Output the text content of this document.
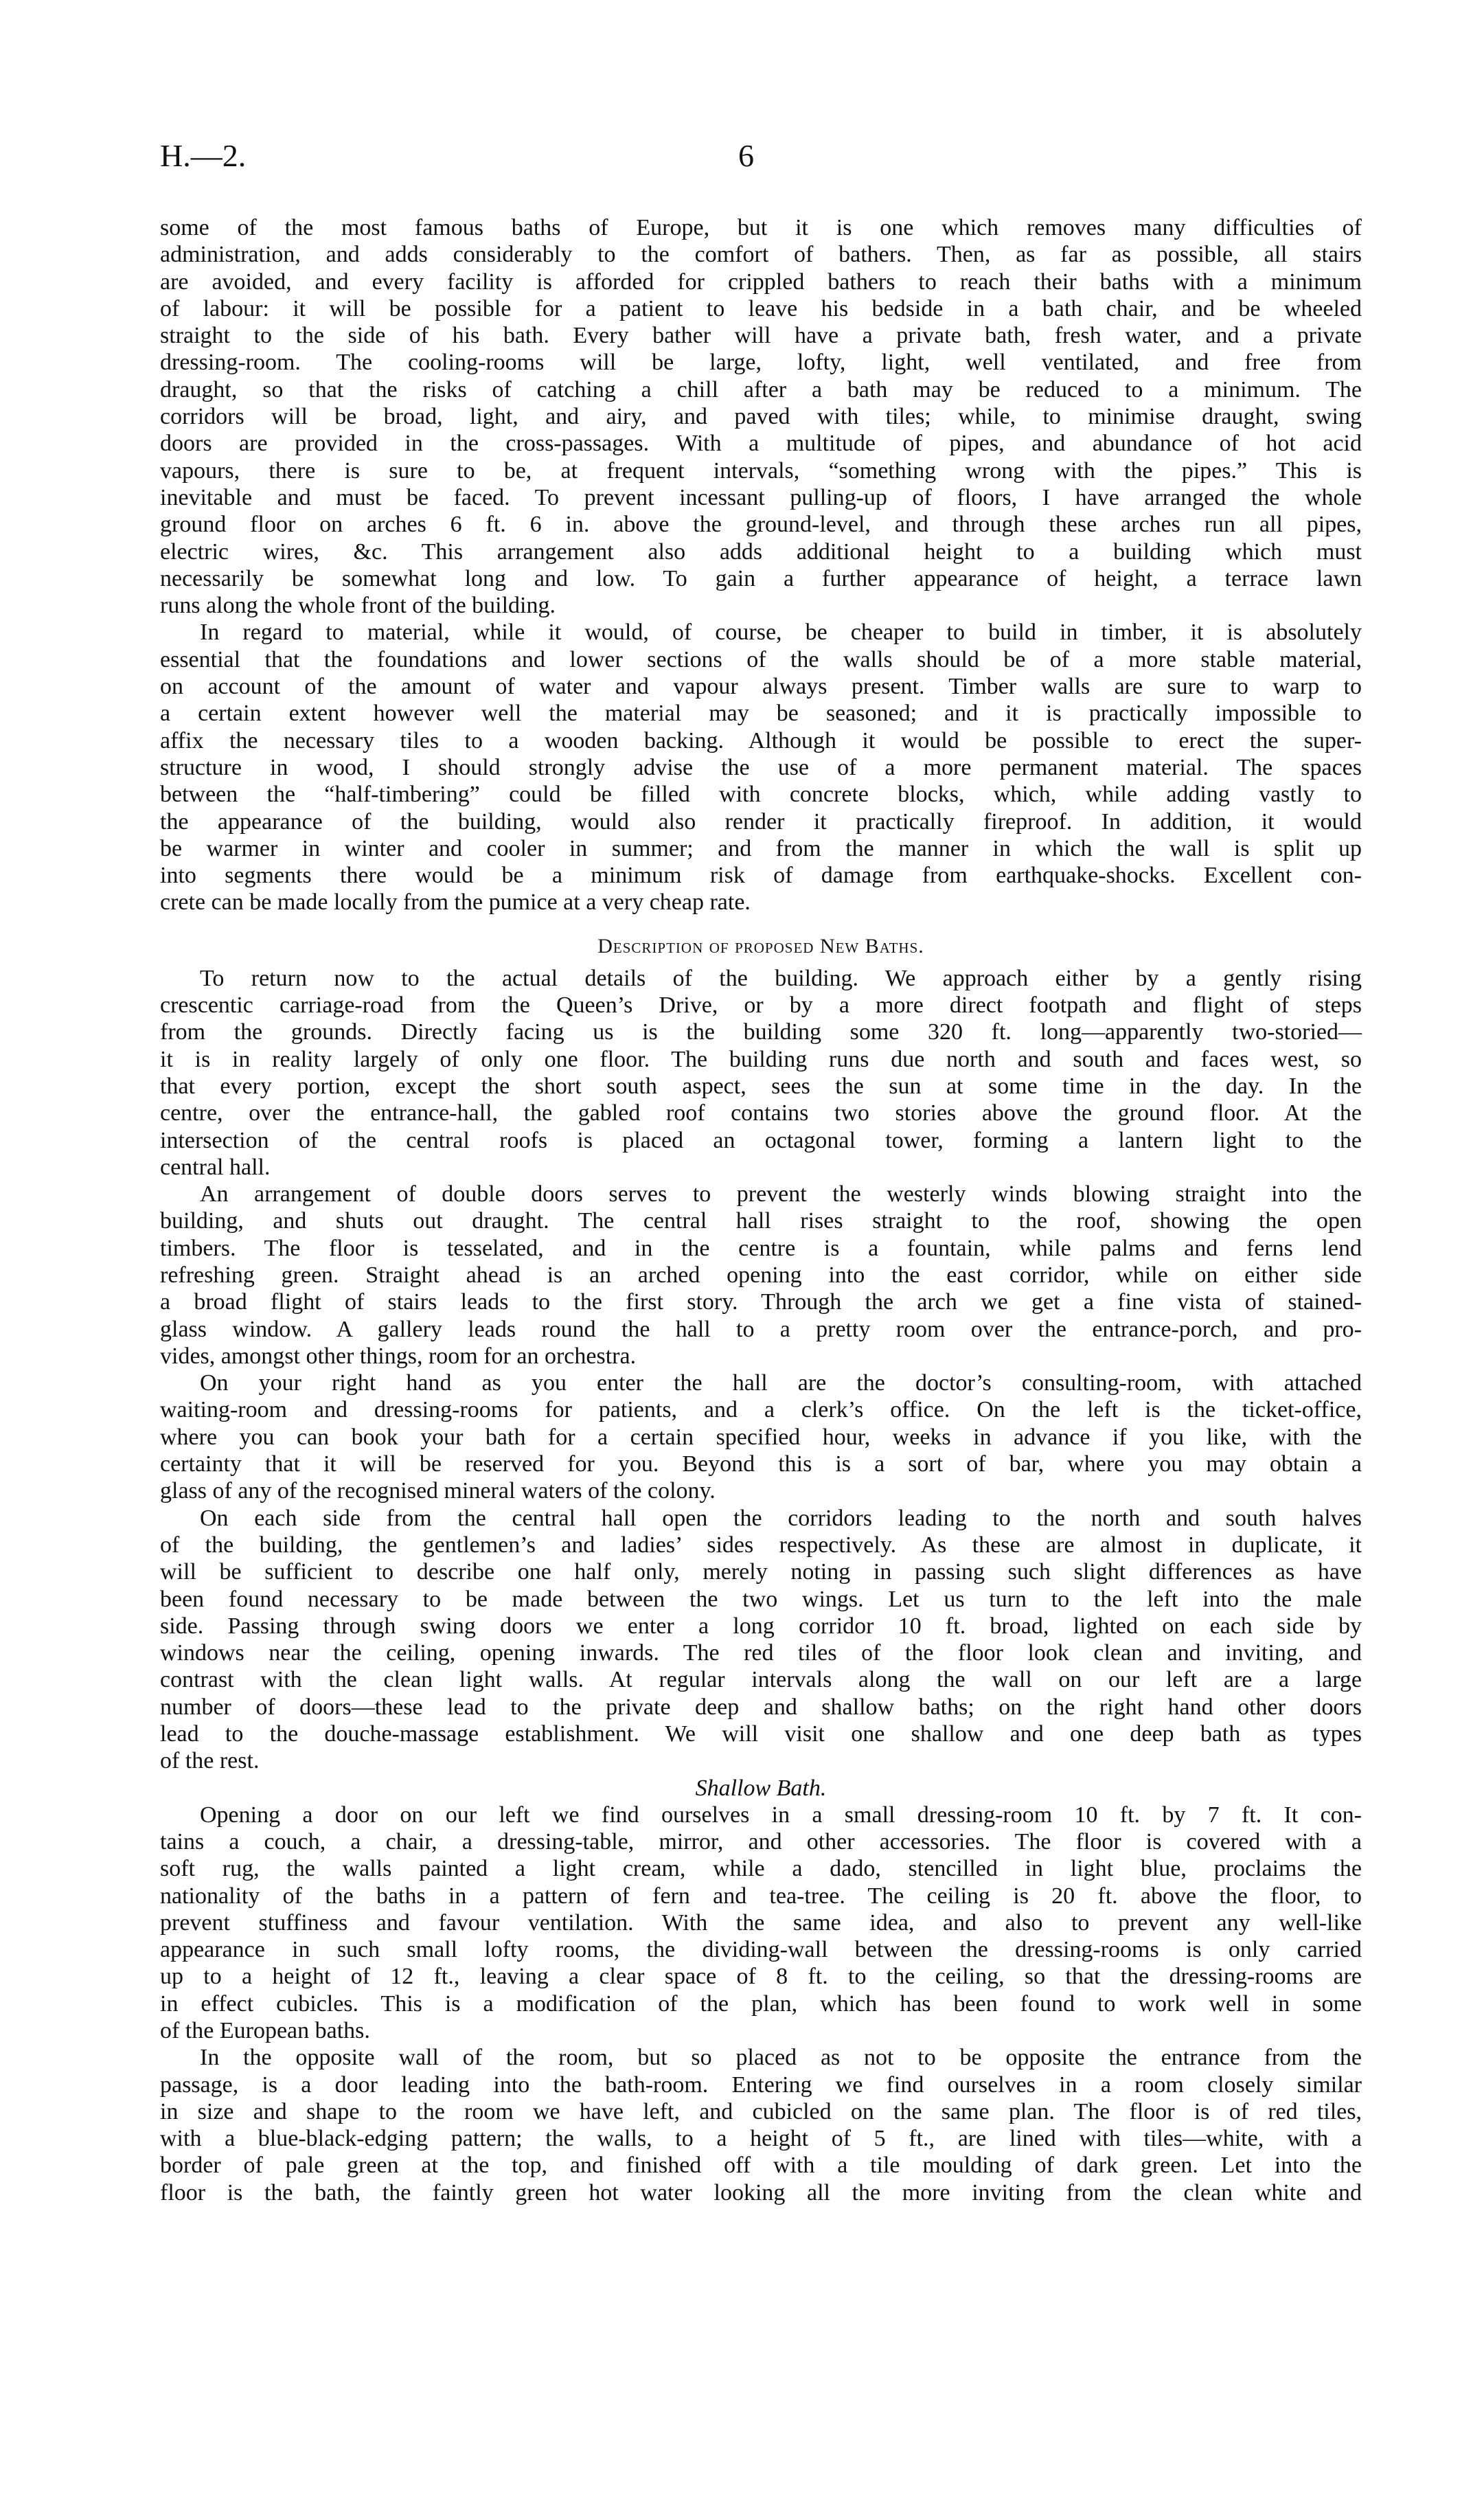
H.—2.	6
some of the most famous baths of Europe, but it is one which removes many difficulties of
administration, and adds considerably to the comfort of bathers. Then, as far as possible, all stairs
are avoided, and every facility is afforded for crippled bathers to reach their baths with a minimum
of labour: it will be possible for a patient to leave his bedside in a bath chair, and be wheeled
straight to the side of his bath. Every bather will have a private bath, fresh water, and a private
dressing-room. The cooling-rooms will be large, lofty, light, well ventilated, and free from
draught, so that the risks of catching a chill after a bath may be reduced to a minimum. The
corridors will be broad, light, and airy, and paved with tiles; while, to minimise draught, swing
doors are provided in the cross-passages. With a multitude of pipes, and abundance of hot acid
vapours, there is sure to be, at frequent intervals, “something wrong with the pipes.” This is
inevitable and must be faced. To prevent incessant pulling-up of floors, I have arranged the whole
ground floor on arches 6 ft. 6 in. above the ground-level, and through these arches run all pipes,
electric wires, &c. This arrangement also adds additional height to a building which must
necessarily be somewhat long and low. To gain a further appearance of height, a terrace lawn
runs along the whole front of the building.
In regard to material, while it would, of course, be cheaper to build in timber, it is absolutely
essential that the foundations and lower sections of the walls should be of a more stable material,
on account of the amount of water and vapour always present. Timber walls are sure to warp to
a certain extent however well the material may be seasoned; and it is practically impossible to
affix the necessary tiles to a wooden backing. Although it would be possible to erect the super-
structure in wood, I should strongly advise the use of a more permanent material. The spaces
between the “half-timbering” could be filled with concrete blocks, which, while adding vastly to
the appearance of the building, would also render it practically fireproof. In addition, it would
be warmer in winter and cooler in summer; and from the manner in which the wall is split up
into segments there would be a minimum risk of damage from earthquake-shocks. Excellent con-
crete can be made locally from the pumice at a very cheap rate.
Description of proposed New Baths.
To return now to the actual details of the building. We approach either by a gently rising
crescentic carriage-road from the Queen’s Drive, or by a more direct footpath and flight of steps
from the grounds. Directly facing us is the building some 320 ft. long—apparently two-storied—
it is in reality largely of only one floor. The building runs due north and south and faces west, so
that every portion, except the short south aspect, sees the sun at some time in the day. In the
centre, over the entrance-hall, the gabled roof contains two stories above the ground floor. At the
intersection of the central roofs is placed an octagonal tower, forming a lantern light to the
central hall.
An arrangement of double doors serves to prevent the westerly winds blowing straight into the
building, and shuts out draught. The central hall rises straight to the roof, showing the open
timbers. The floor is tesselated, and in the centre is a fountain, while palms and ferns lend
refreshing green. Straight ahead is an arched opening into the east corridor, while on either side
a broad flight of stairs leads to the first story. Through the arch we get a fine vista of stained-
glass window. A gallery leads round the hall to a pretty room over the entrance-porch, and pro-
vides, amongst other things, room for an orchestra.
On your right hand as you enter the hall are the doctor’s consulting-room, with attached
waiting-room and dressing-rooms for patients, and a clerk’s office. On the left is the ticket-office,
where you can book your bath for a certain specified hour, weeks in advance if you like, with the
certainty that it will be reserved for you. Beyond this is a sort of bar, where you may obtain a
glass of any of the recognised mineral waters of the colony.
On each side from the central hall open the corridors leading to the north and south halves
of the building, the gentlemen’s and ladies’ sides respectively. As these are almost in duplicate, it
will be sufficient to describe one half only, merely noting in passing such slight differences as have
been found necessary to be made between the two wings. Let us turn to the left into the male
side. Passing through swing doors we enter a long corridor 10 ft. broad, lighted on each side by
windows near the ceiling, opening inwards. The red tiles of the floor look clean and inviting, and
contrast with the clean light walls. At regular intervals along the wall on our left are a large
number of doors—these lead to the private deep and shallow baths; on the right hand other doors
lead to the douche-massage establishment. We will visit one shallow and one deep bath as types
of the rest.
Shallow Bath.
Opening a door on our left we find ourselves in a small dressing-room 10 ft. by 7 ft. It con-
tains a couch, a chair, a dressing-table, mirror, and other accessories. The floor is covered with a
soft rug, the walls painted a light cream, while a dado, stencilled in light blue, proclaims the
nationality of the baths in a pattern of fern and tea-tree. The ceiling is 20 ft. above the floor, to
prevent stuffiness and favour ventilation. With the same idea, and also to prevent any well-like
appearance in such small lofty rooms, the dividing-wall between the dressing-rooms is only carried
up to a height of 12 ft., leaving a clear space of 8 ft. to the ceiling, so that the dressing-rooms are
in effect cubicles. This is a modification of the plan, which has been found to work well in some
of the European baths.
In the opposite wall of the room, but so placed as not to be opposite the entrance from the
passage, is a door leading into the bath-room. Entering we find ourselves in a room closely similar
in size and shape to the room we have left, and cubicled on the same plan. The floor is of red tiles,
with a blue-black-edging pattern; the walls, to a height of 5 ft., are lined with tiles—white, with a
border of pale green at the top, and finished off with a tile moulding of dark green. Let into the
floor is the bath, the faintly green hot water looking all the more inviting from the clean white and
